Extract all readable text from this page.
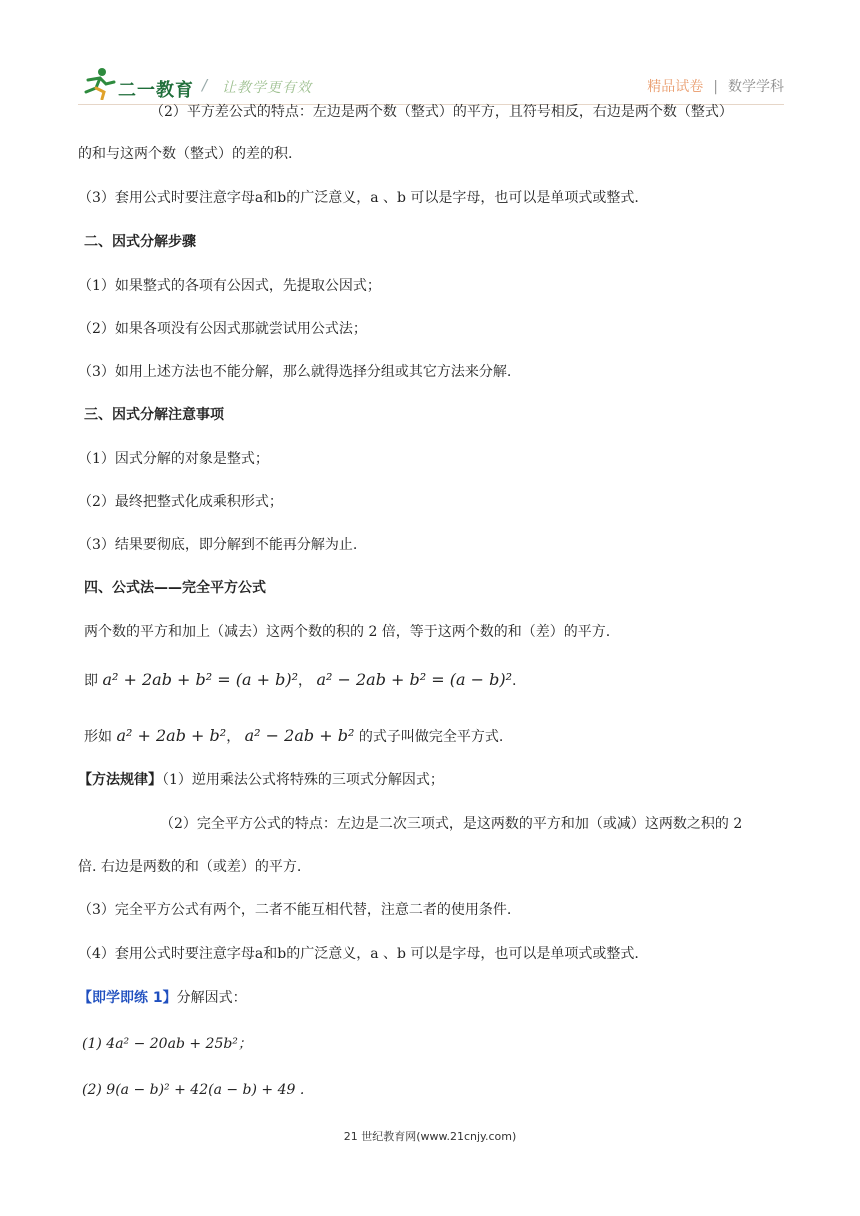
二一教育 / 让教学更有效	精品试卷 | 数学学科
（2）平方差公式的特点：左边是两个数（整式）的平方，且符号相反，右边是两个数（整式）
的和与这两个数（整式）的差的积.
（3）套用公式时要注意字母a和b的广泛意义，a 、b 可以是字母，也可以是单项式或整式.
二、因式分解步骤
（1）如果整式的各项有公因式，先提取公因式；
（2）如果各项没有公因式那就尝试用公式法；
（3）如用上述方法也不能分解，那么就得选择分组或其它方法来分解.
三、因式分解注意事项
（1）因式分解的对象是整式；
（2）最终把整式化成乘积形式；
（3）结果要彻底，即分解到不能再分解为止.
四、公式法——完全平方公式
两个数的平方和加上（减去）这两个数的积的 2 倍，等于这两个数的和（差）的平方.
即 a² + 2ab + b² = (a + b)²， a² − 2ab + b² = (a − b)².
形如 a² + 2ab + b²， a² − 2ab + b² 的式子叫做完全平方式.
【方法规律】（1）逆用乘法公式将特殊的三项式分解因式；
（2）完全平方公式的特点：左边是二次三项式，是这两数的平方和加（或减）这两数之积的 2
倍. 右边是两数的和（或差）的平方.
（3）完全平方公式有两个，二者不能互相代替，注意二者的使用条件.
（4）套用公式时要注意字母a和b的广泛意义，a 、b 可以是字母，也可以是单项式或整式.
【即学即练 1】分解因式：
(1) 4a² − 20ab + 25b²；
(2) 9(a − b)² + 42(a − b) + 49 .
21 世纪教育网(www.21cnjy.com)
